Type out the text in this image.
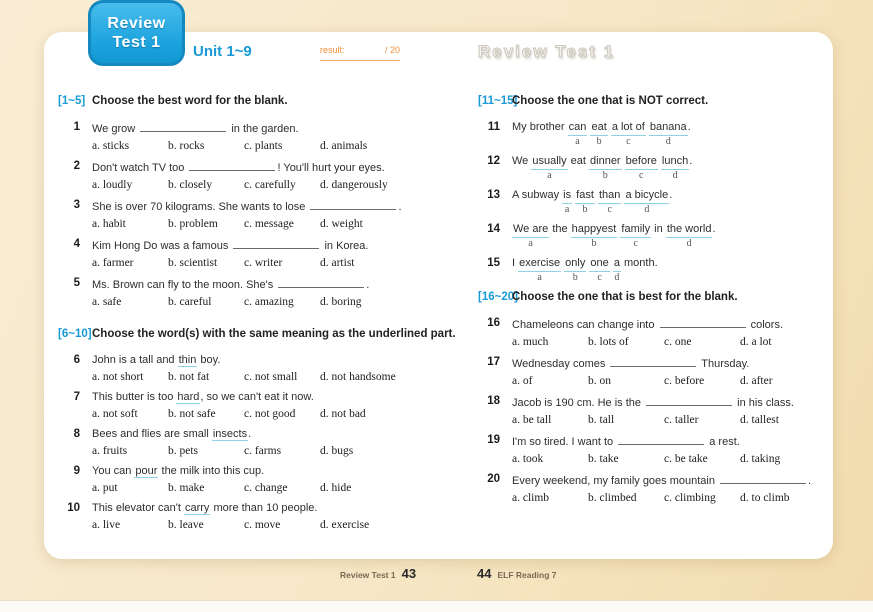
Review
Test 1
Unit 1~9	result:	/ 20	Review Test 1
[1~5] Choose the best word for the blank.
1	We grow	in the garden.
a. sticks	b. rocks	c. plants	d. animals
2	Don't watch TV too	! You'll hurt your eyes.
a. loudly	b. closely	c. carefully d. dangerously
3	She is over 70 kilograms. She wants to lose	.
a. habit	b. problem c. message d. weight
4	Kim Hong Do was a famous	in Korea.
a. farmer	b. scientist c. writer	d. artist
5	Ms. Brown can fly to the moon. She's	.
a. safe	b. careful	c. amazing d. boring
[6~10]Choose the word(s) with the same meaning as the underlined part.
6	John is a tall and thin boy.
a. not short b. not fat	c. not small d. not handsome
7	This butter is too hard, so we can't eat it now.
a. not soft	b. not safe c. not good d. not bad
8	Bees and flies are small insects.
a. fruits	b. pets	c. farms	d. bugs
9	You can pour the milk into this cup.
a. put	b. make	c. change	d. hide
10	This elevator can't carry more than 10 people.
a. live	b. leave	c. move	d. exercise
[11~15]Choose the one that is NOT correct.
11	My brother can
a

eat
b

a lot of
c

banana
d
.
12	We usually
a
eat dinner
b

before
c

lunch
d
.
13	A subway is
a

fast
b

than
c

a bicycle
d
.
14	We are
a
the happyest
b

family
c
in the world
d
.
15	I exercise
a

only
b

one
c

a
d
month.
[16~20]Choose the one that is best for the blank.
16	Chameleons can change into	colors.
a. much	b. lots of	c. one	d. a lot
17	Wednesday comes	Thursday.
a. of	b. on	c. before	d. after
18	Jacob is 190 cm. He is the	in his class.
a. be tall	b. tall	c. taller	d. tallest
19	I'm so tired. I want to	a rest.
a. took	b. take	c. be take	d. taking
20	Every weekend, my family goes mountain	.
a. climb	b. climbed c. climbing d. to climb
Review Test 1 43	44 ELF Reading 7
